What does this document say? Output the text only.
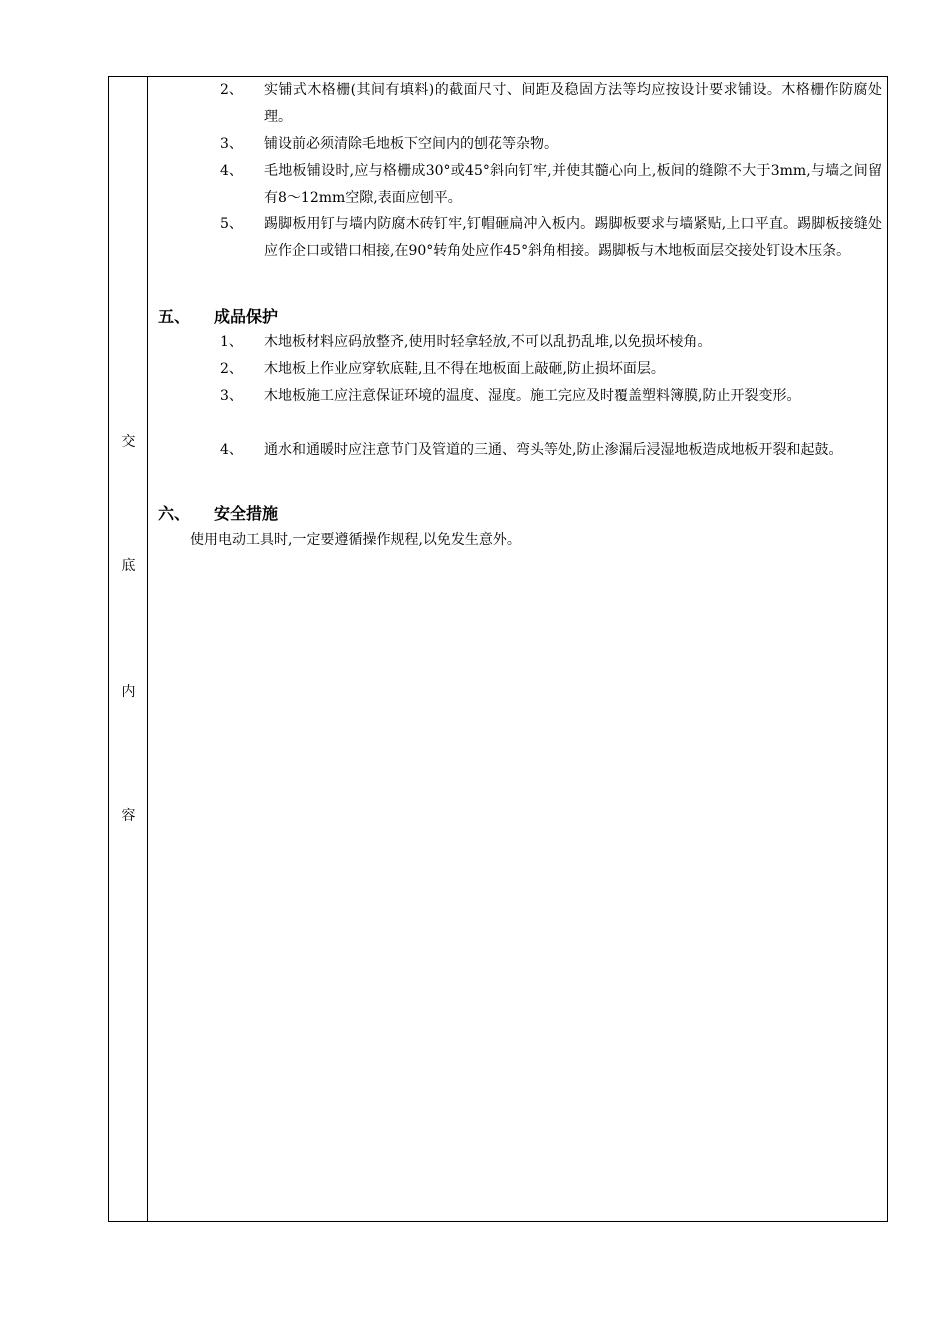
交
底
内
容
2、	实铺式木格栅(其间有填料)的截面尺寸、间距及稳固方法等均应按设计要求铺设。木格栅作防腐处理。
3、	铺设前必须清除毛地板下空间内的刨花等杂物。
4、	毛地板铺设时,应与格栅成30°或45°斜向钉牢,并使其髓心向上,板间的缝隙不大于3mm,与墙之间留有8～12mm空隙,表面应刨平。
5、	踢脚板用钉与墙内防腐木砖钉牢,钉帽砸扁冲入板内。踢脚板要求与墙紧贴,上口平直。踢脚板接缝处应作企口或错口相接,在90°转角处应作45°斜角相接。踢脚板与木地板面层交接处钉设木压条。
五、	成品保护
1、	木地板材料应码放整齐,使用时轻拿轻放,不可以乱扔乱堆,以免损坏棱角。
2、	木地板上作业应穿软底鞋,且不得在地板面上敲砸,防止损坏面层。
3、	木地板施工应注意保证环境的温度、湿度。施工完应及时覆盖塑料簿膜,防止开裂变形。
4、	通水和通暖时应注意节门及管道的三通、弯头等处,防止渗漏后浸湿地板造成地板开裂和起鼓。
六、	安全措施
使用电动工具时,一定要遵循操作规程,以免发生意外。
